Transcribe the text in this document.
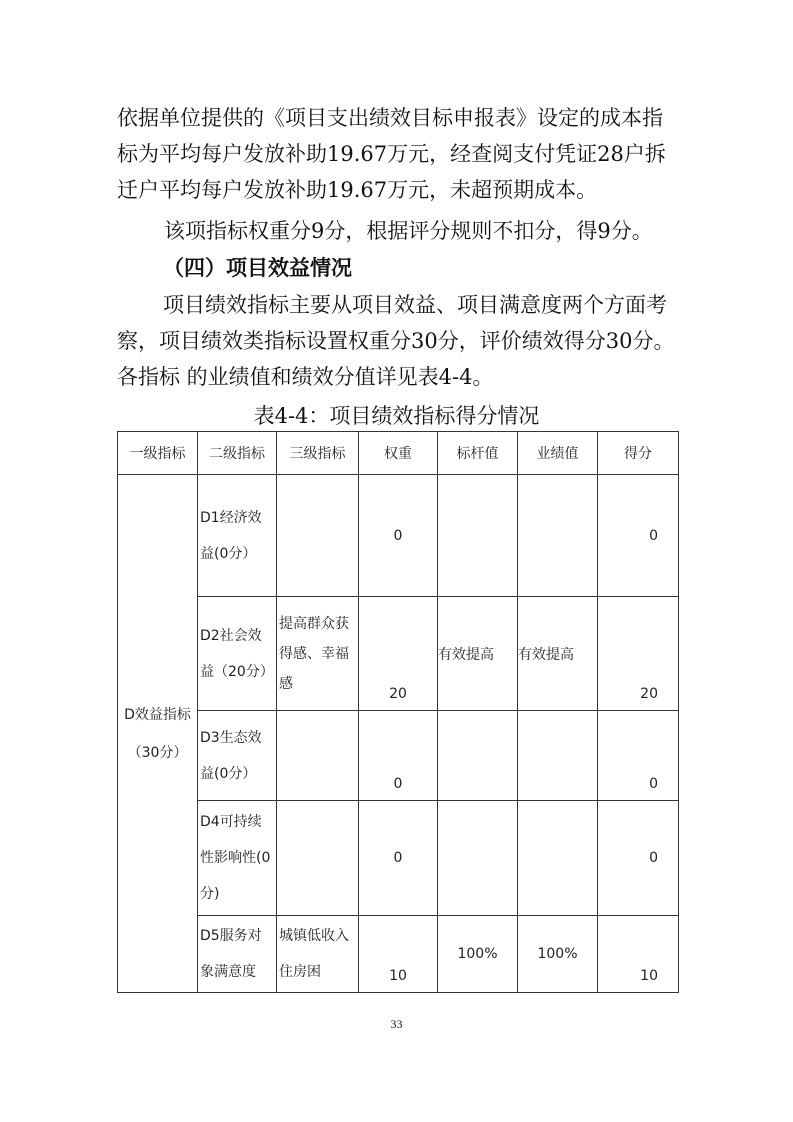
依据单位提供的《项目支出绩效目标申报表》设定的成本指标为平均每户发放补助19.67万元，经查阅支付凭证28户拆迁户平均每户发放补助19.67万元，未超预期成本。

该项指标权重分9分，根据评分规则不扣分，得9分。

（四）项目效益情况

项目绩效指标主要从项目效益、项目满意度两个方面考察，项目绩效类指标设置权重分30分，评价绩效得分30分。各指标 的业绩值和绩效分值详见表4-4。

表4-4：项目绩效指标得分情况
一级指标	二级指标	三级指标	权重	标杆值	业绩值	得分

D效益指标
（30分）	D1经济效益(0分）		0			0
	D2社会效益（20分）	提高群众获得感、幸福感	20	有效提高	有效提高	20
	D3生态效益(0分）		0			0
	D4可持续性影响性(0分)		0			0
	D5服务对象满意度	城镇低收入住房困	10	100%	100%	10
33
